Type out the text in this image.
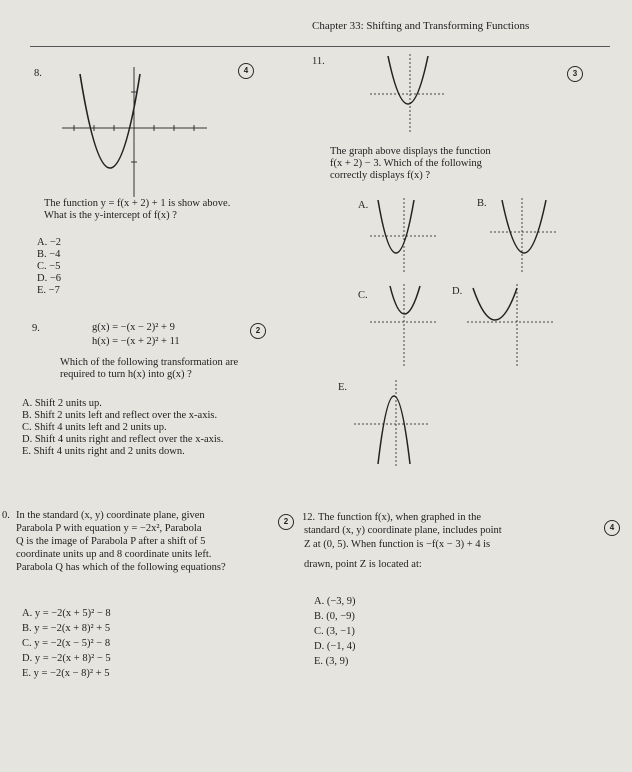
Chapter 33: Shifting and Transforming Functions
8.	4
The function y = f(x + 2) + 1 is show above.
What is the y-intercept of f(x) ?
A. −2
B. −4
C. −5
D. −6
E. −7
9.	g(x) = −(x − 2)² + 9
h(x) = −(x + 2)² + 11
2
Which of the following transformation are
required to turn h(x) into g(x) ?
A. Shift 2 units up.
B. Shift 2 units left and reflect over the x-axis.
C. Shift 4 units left and 2 units up.
D. Shift 4 units right and reflect over the x-axis.
E. Shift 4 units right and 2 units down.
11.
3
The graph above displays the function
f(x + 2) − 3. Which of the following
correctly displays f(x) ?
A.	B.
C.	D.
E.
0.
2
In the standard (x, y) coordinate plane, given
Parabola P with equation y = −2x², Parabola
Q is the image of Parabola P after a shift of 5
coordinate units up and 8 coordinate units left.
Parabola Q has which of the following equations?
A. y = −2(x + 5)² − 8
B. y = −2(x + 8)² + 5
C. y = −2(x − 5)² − 8
D. y = −2(x + 8)² − 5
E. y = −2(x − 8)² + 5
12.
4
The function f(x), when graphed in the
standard (x, y) coordinate plane, includes point
Z at (0, 5). When function is −f(x − 3) + 4 is
drawn, point Z is located at:
A. (−3, 9)
B. (0, −9)
C. (3, −1)
D. (−1, 4)
E. (3, 9)
